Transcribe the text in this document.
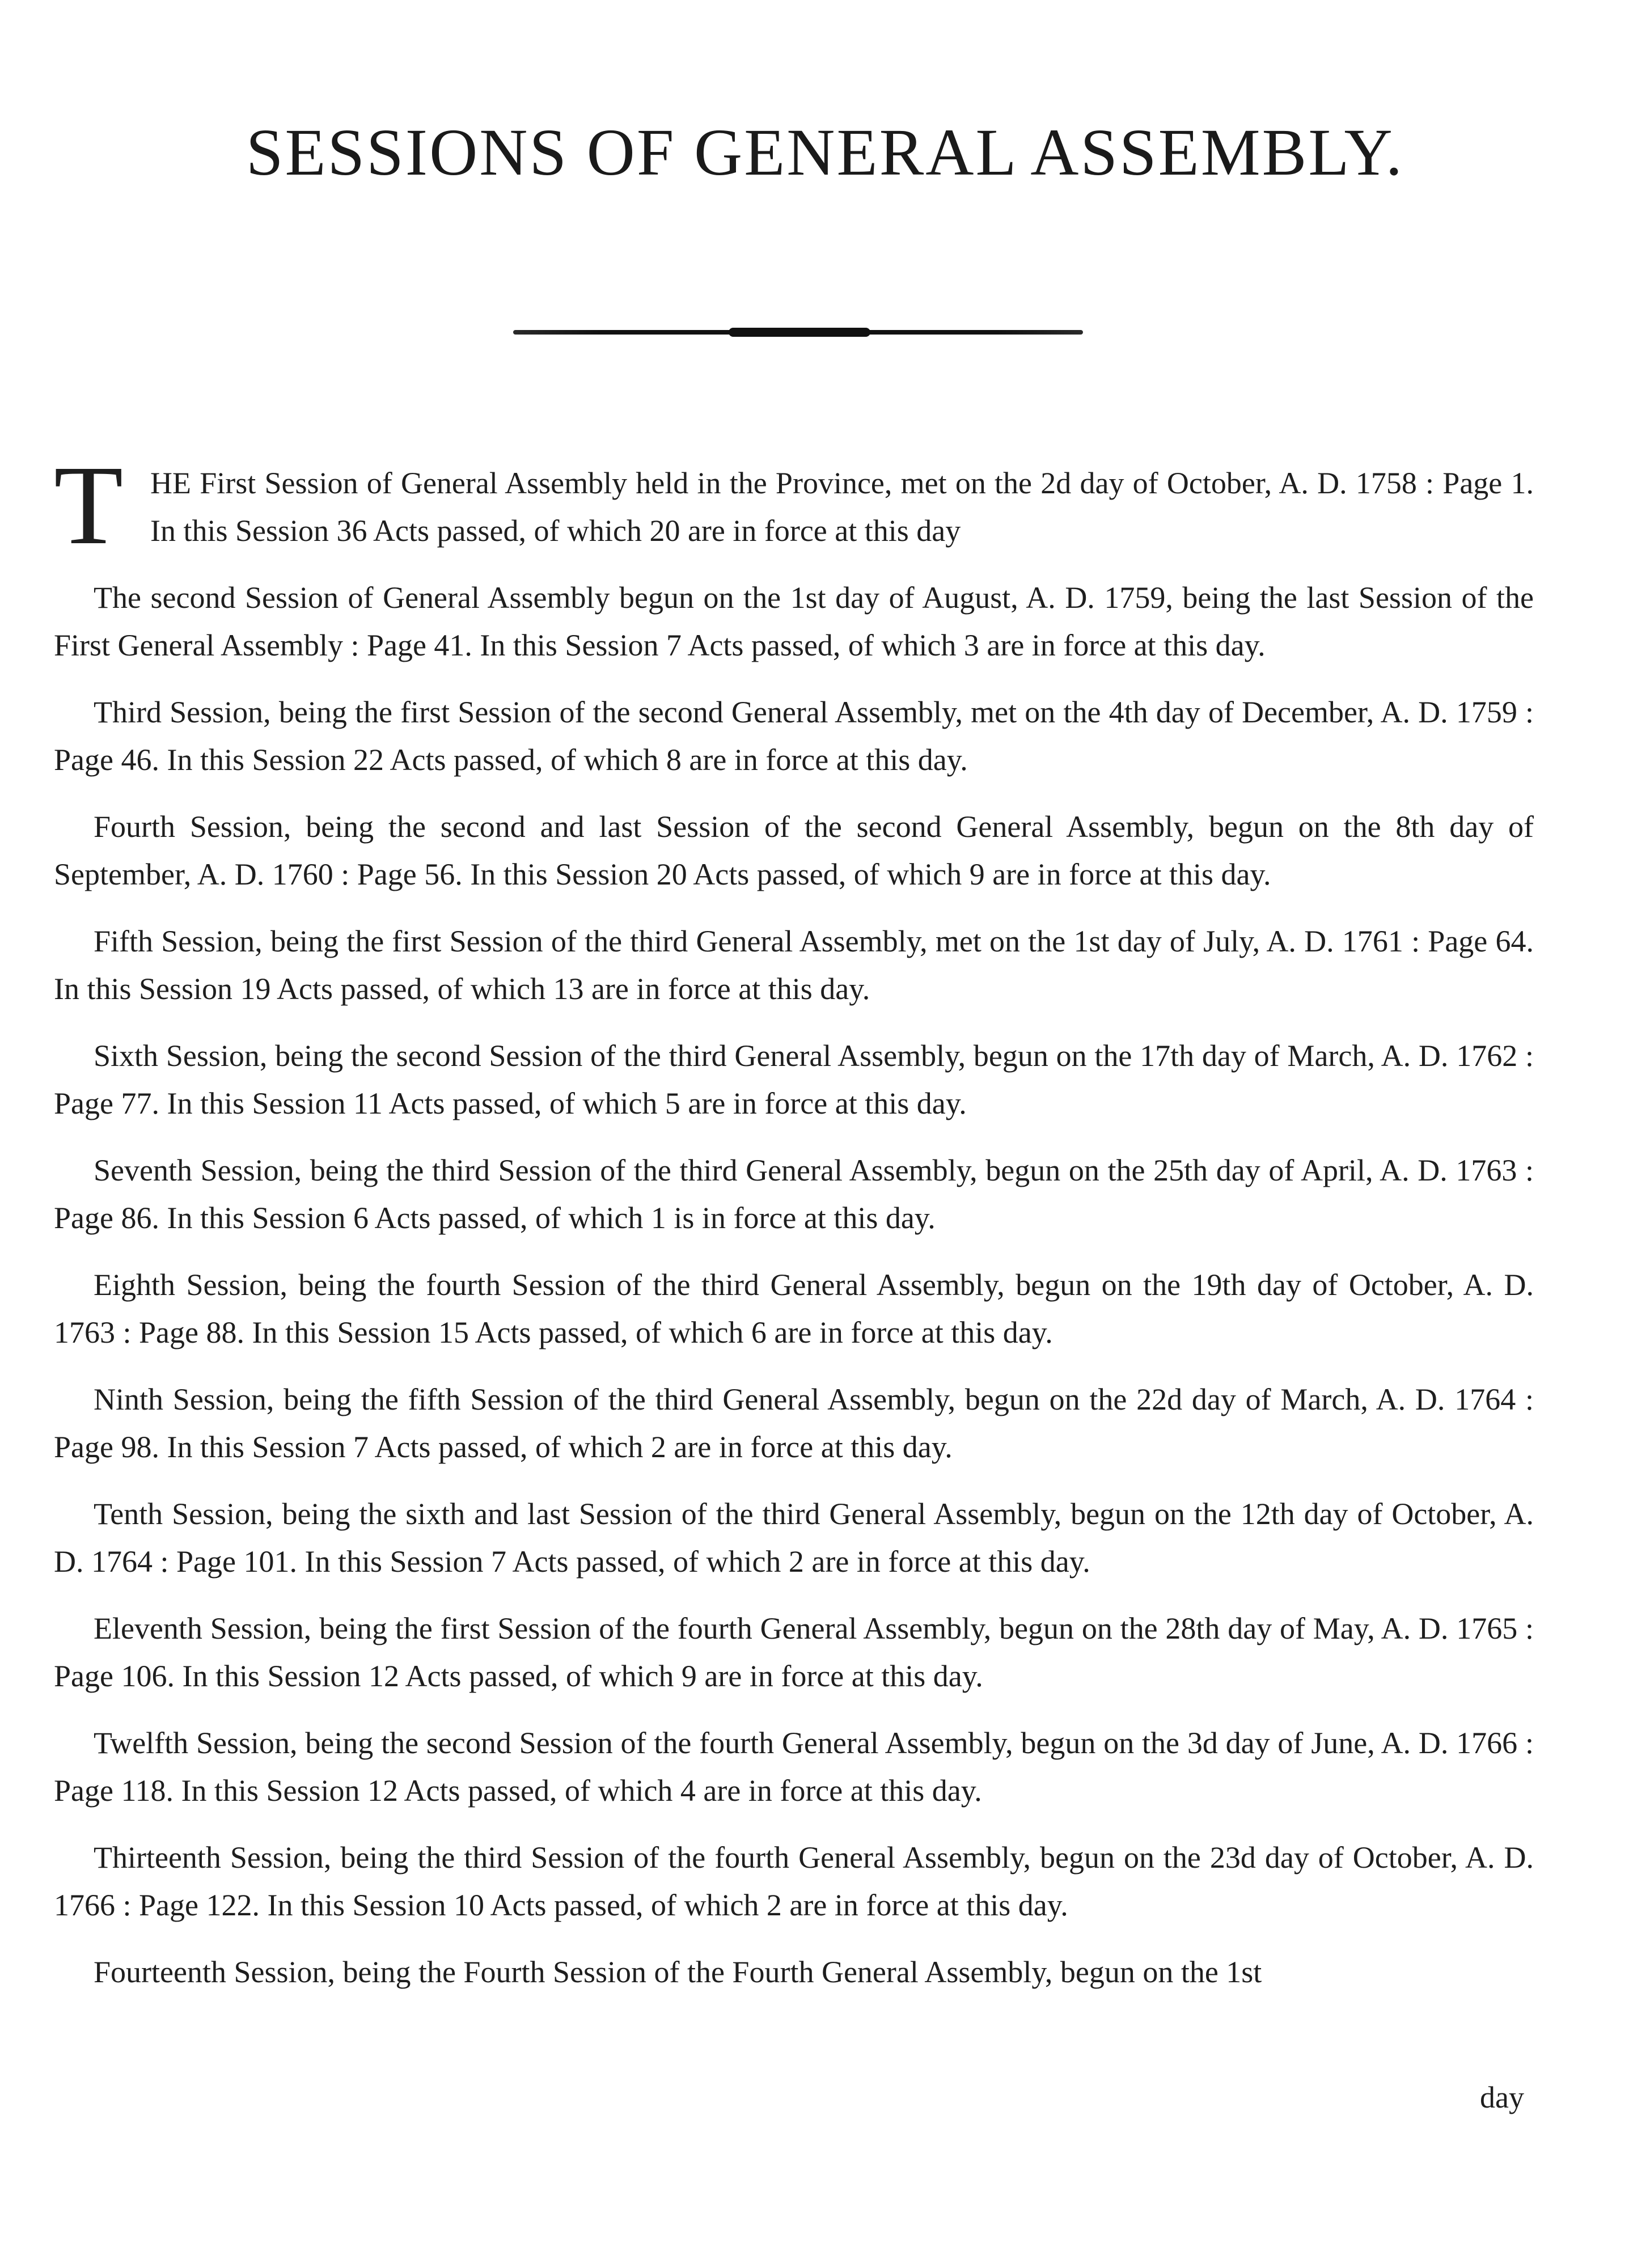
SESSIONS OF GENERAL ASSEMBLY.

T HE First Session of General Assembly held in the Province, met on the 2d day of October, A. D. 1758 : Page 1. In this Session 36 Acts passed, of which 20 are in force at this day

The second Session of General Assembly begun on the 1st day of August, A. D. 1759, being the last Session of the First General Assembly : Page 41. In this Session 7 Acts passed, of which 3 are in force at this day.

Third Session, being the first Session of the second General Assembly, met on the 4th day of December, A. D. 1759 : Page 46. In this Session 22 Acts passed, of which 8 are in force at this day.

Fourth Session, being the second and last Session of the second General Assembly, begun on the 8th day of September, A. D. 1760 : Page 56. In this Session 20 Acts passed, of which 9 are in force at this day.

Fifth Session, being the first Session of the third General Assembly, met on the 1st day of July, A. D. 1761 : Page 64. In this Session 19 Acts passed, of which 13 are in force at this day.

Sixth Session, being the second Session of the third General Assembly, begun on the 17th day of March, A. D. 1762 : Page 77. In this Session 11 Acts passed, of which 5 are in force at this day.

Seventh Session, being the third Session of the third General Assembly, begun on the 25th day of April, A. D. 1763 : Page 86. In this Session 6 Acts passed, of which 1 is in force at this day.

Eighth Session, being the fourth Session of the third General Assembly, begun on the 19th day of October, A. D. 1763 : Page 88. In this Session 15 Acts passed, of which 6 are in force at this day.

Ninth Session, being the fifth Session of the third General Assembly, begun on the 22d day of March, A. D. 1764 : Page 98. In this Session 7 Acts passed, of which 2 are in force at this day.

Tenth Session, being the sixth and last Session of the third General Assembly, begun on the 12th day of October, A. D. 1764 : Page 101. In this Session 7 Acts passed, of which 2 are in force at this day.

Eleventh Session, being the first Session of the fourth General Assembly, begun on the 28th day of May, A. D. 1765 : Page 106. In this Session 12 Acts passed, of which 9 are in force at this day.

Twelfth Session, being the second Session of the fourth General Assembly, begun on the 3d day of June, A. D. 1766 : Page 118. In this Session 12 Acts passed, of which 4 are in force at this day.

Thirteenth Session, being the third Session of the fourth General Assembly, begun on the 23d day of October, A. D. 1766 : Page 122. In this Session 10 Acts passed, of which 2 are in force at this day.

Fourteenth Session, being the Fourth Session of the Fourth General Assembly, begun on the 1st

day
